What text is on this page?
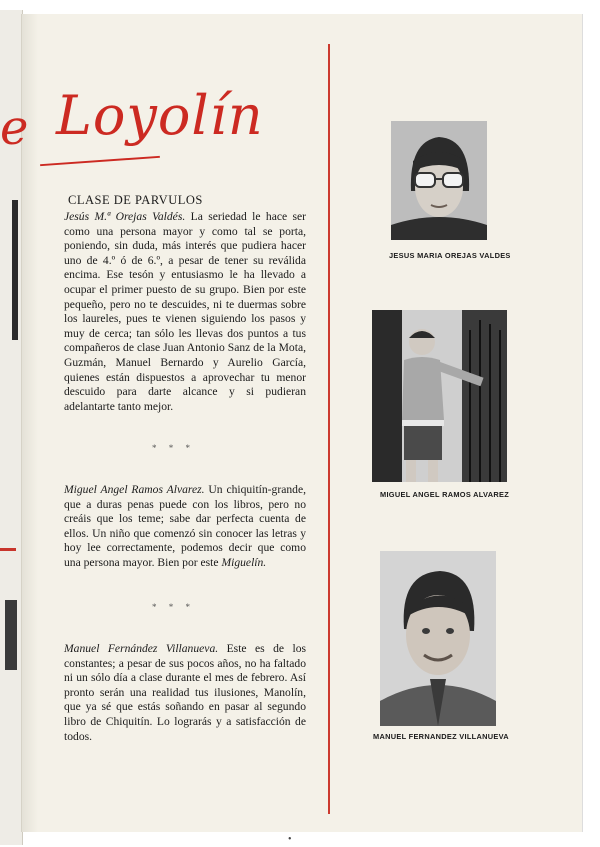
e Loyolín
CLASE DE PARVULOS

Jesús M.ª Orejas Valdés. La seriedad le hace ser como una persona mayor y como tal se porta, poniendo, sin duda, más interés que pudiera hacer uno de 4.º ó de 6.º, a pesar de tener su reválida encima. Ese tesón y entusiasmo le ha llevado a ocupar el primer puesto de su grupo. Bien por este pequeño, pero no te descuides, ni te duermas sobre los laureles, pues te vienen siguiendo los pasos y muy de cerca; tan sólo les llevas dos puntos a tus compañeros de clase Juan Antonio Sanz de la Mota, Guzmán, Manuel Bernardo y Aurelio García, quienes están dispuestos a aprovechar tu menor descuido para darte alcance y si pudieran adelantarte tanto mejor.

* * *

Miguel Angel Ramos Alvarez. Un chiquitín-grande, que a duras penas puede con los libros, pero no creáis que los teme; sabe dar perfecta cuenta de ellos. Un niño que comenzó sin conocer las letras y hoy lee correctamente, podemos decir que como una persona mayor. Bien por este Miguelín.

* * *

Manuel Fernández Villanueva. Este es de los constantes; a pesar de sus pocos años, no ha faltado ni un sólo día a clase durante el mes de febrero. Así pronto serán una realidad tus ilusiones, Manolín, que ya sé que estás soñando en pasar al segundo libro de Chiquitín. Lo lograrás y a satisfacción de todos.

JESUS MARIA OREJAS VALDES
MIGUEL ANGEL RAMOS ALVAREZ
MANUEL FERNANDEZ VILLANUEVA
•
